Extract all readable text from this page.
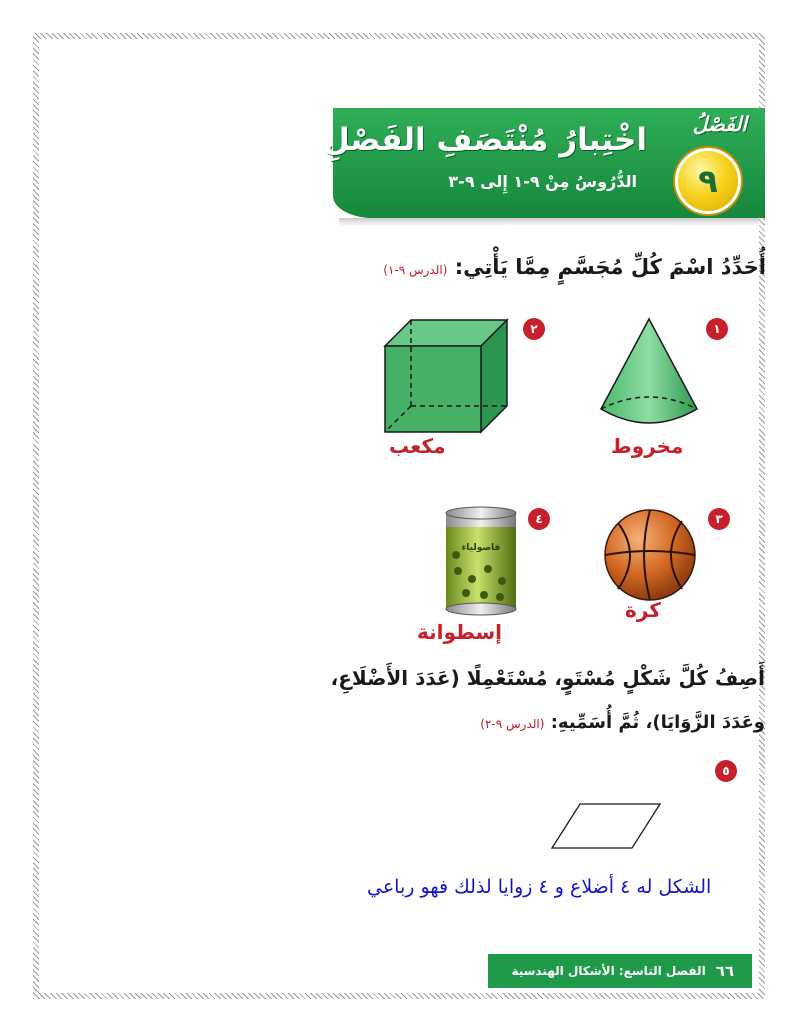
اخْتِبارُ مُنْتَصَفِ الفَصْلِ
الدُّرُوسُ مِنْ ٩-١ إِلى ٩-٣
الفَصْلُ
٩
أُحَدِّدُ اسْمَ كُلِّ مُجَسَّمٍ مِمَّا يَأْتِي: (الدرس ٩-١)
١
مخروط
٢
مكعب
٣
كرة
٤
فاصولياء
إسطوانة
أَصِفُ كُلَّ شَكْلٍ مُسْتَوٍ، مُسْتَعْمِلًا (عَدَدَ الأَضْلَاعِ،
وعَدَدَ الزَّوَايَا)، ثُمَّ أُسَمِّيهِ: (الدرس ٩-٢)
٥
الشكل له ٤ أضلاع و ٤ زوايا لذلك فهو رباعي
٦٦
الفصل التاسع: الأشكال الهندسية
